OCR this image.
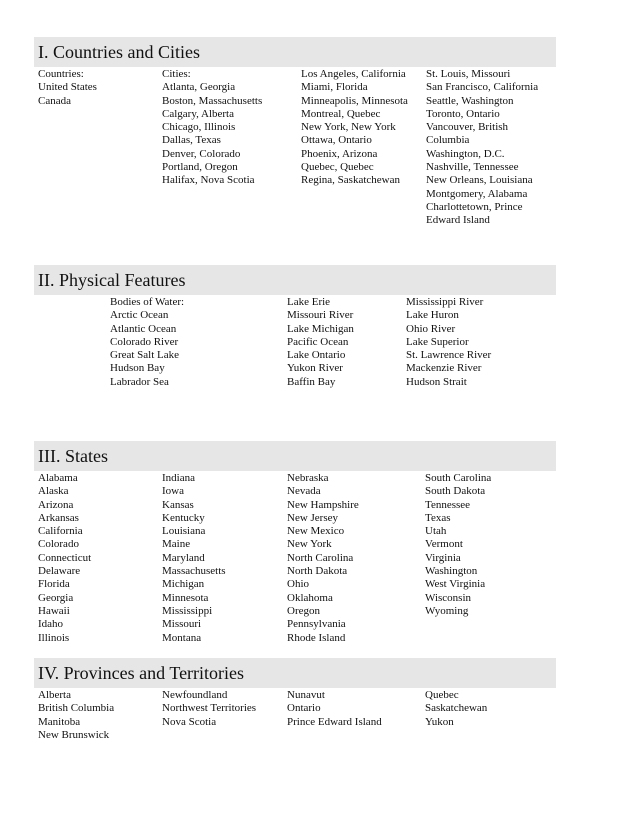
I. Countries and Cities
Countries:
United States
Canada
Cities:
Atlanta, Georgia
Boston, Massachusetts
Calgary, Alberta
Chicago, Illinois
Dallas, Texas
Denver, Colorado
Portland, Oregon
Halifax, Nova Scotia
Los Angeles, California
Miami, Florida
Minneapolis, Minnesota
Montreal, Quebec
New York, New York
Ottawa, Ontario
Phoenix, Arizona
Quebec, Quebec
Regina, Saskatchewan
St. Louis, Missouri
San Francisco, California
Seattle, Washington
Toronto, Ontario
Vancouver, British
Columbia
Washington, D.C.
Nashville, Tennessee
New Orleans, Louisiana
Montgomery, Alabama
Charlottetown, Prince
Edward Island
II. Physical Features
Bodies of Water:
Arctic Ocean
Atlantic Ocean
Colorado River
Great Salt Lake
Hudson Bay
Labrador Sea
Lake Erie
Missouri River
Lake Michigan
Pacific Ocean
Lake Ontario
Yukon River
Baffin Bay
Mississippi River
Lake Huron
Ohio River
Lake Superior
St. Lawrence River
Mackenzie River
Hudson Strait
III. States
Alabama
Alaska
Arizona
Arkansas
California
Colorado
Connecticut
Delaware
Florida
Georgia
Hawaii
Idaho
Illinois
Indiana
Iowa
Kansas
Kentucky
Louisiana
Maine
Maryland
Massachusetts
Michigan
Minnesota
Mississippi
Missouri
Montana
Nebraska
Nevada
New Hampshire
New Jersey
New Mexico
New York
North Carolina
North Dakota
Ohio
Oklahoma
Oregon
Pennsylvania
Rhode Island
South Carolina
South Dakota
Tennessee
Texas
Utah
Vermont
Virginia
Washington
West Virginia
Wisconsin
Wyoming
IV. Provinces and Territories
Alberta
British Columbia
Manitoba
New Brunswick
Newfoundland
Northwest Territories
Nova Scotia
Nunavut
Ontario
Prince Edward Island
Quebec
Saskatchewan
Yukon
